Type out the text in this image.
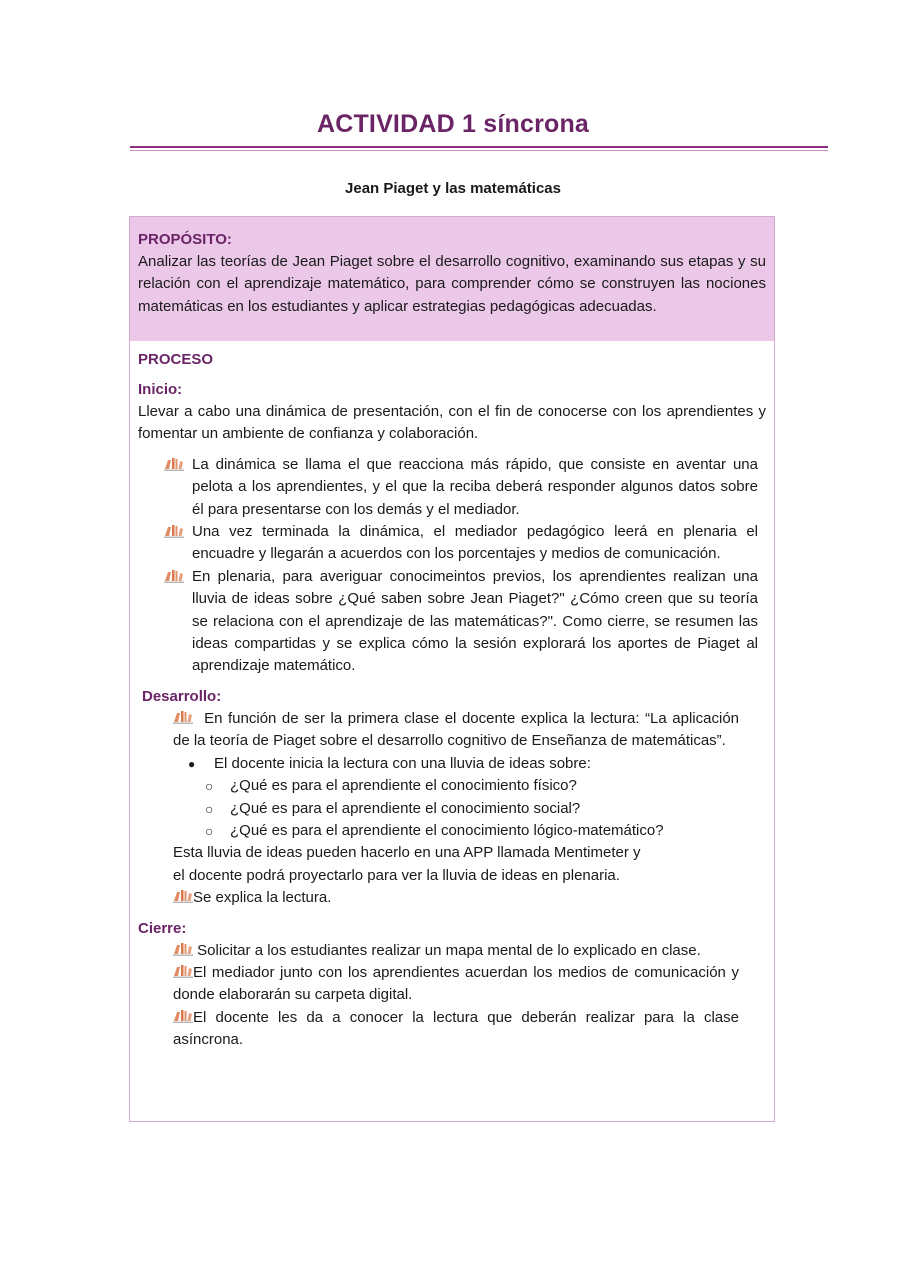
ACTIVIDAD 1 síncrona
Jean Piaget y las matemáticas
PROPÓSITO:
Analizar las teorías de Jean Piaget sobre el desarrollo cognitivo, examinando sus etapas y su relación con el aprendizaje matemático, para comprender cómo se construyen las nociones matemáticas en los estudiantes y aplicar estrategias pedagógicas adecuadas.
PROCESO
Inicio:
Llevar a cabo una dinámica de presentación, con el fin de conocerse con los aprendientes y fomentar un ambiente de confianza y colaboración.
La dinámica se llama el que reacciona más rápido, que consiste en aventar una pelota a los aprendientes, y el que la reciba deberá responder algunos datos sobre él para presentarse con los demás y el mediador.
Una vez terminada la dinámica, el mediador pedagógico leerá en plenaria el encuadre y llegarán a acuerdos con los porcentajes y medios de comunicación.
En plenaria, para averiguar conocimeintos previos, los aprendientes realizan una lluvia de ideas sobre ¿Qué saben sobre Jean Piaget?" ¿Cómo creen que su teoría se relaciona con el aprendizaje de las matemáticas?". Como cierre, se resumen las ideas compartidas y se explica cómo la sesión explorará los aportes de Piaget al aprendizaje matemático.
Desarrollo:
En función de ser la primera clase el docente explica la lectura: “La aplicación de la teoría de Piaget sobre el desarrollo cognitivo de Enseñanza de matemáticas”.
● El docente inicia la lectura con una lluvia de ideas sobre:
○ ¿Qué es para el aprendiente el conocimiento físico?
○ ¿Qué es para el aprendiente el conocimiento social?
○ ¿Qué es para el aprendiente el conocimiento lógico-matemático?
Esta lluvia de ideas pueden hacerlo en una APP llamada Mentimeter y
el docente podrá proyectarlo para ver la lluvia de ideas en plenaria.
Se explica la lectura.
Cierre:
Solicitar a los estudiantes realizar un mapa mental de lo explicado en clase.
El mediador junto con los aprendientes acuerdan los medios de comunicación y donde elaborarán su carpeta digital.
El docente les da a conocer la lectura que deberán realizar para la clase asíncrona.
